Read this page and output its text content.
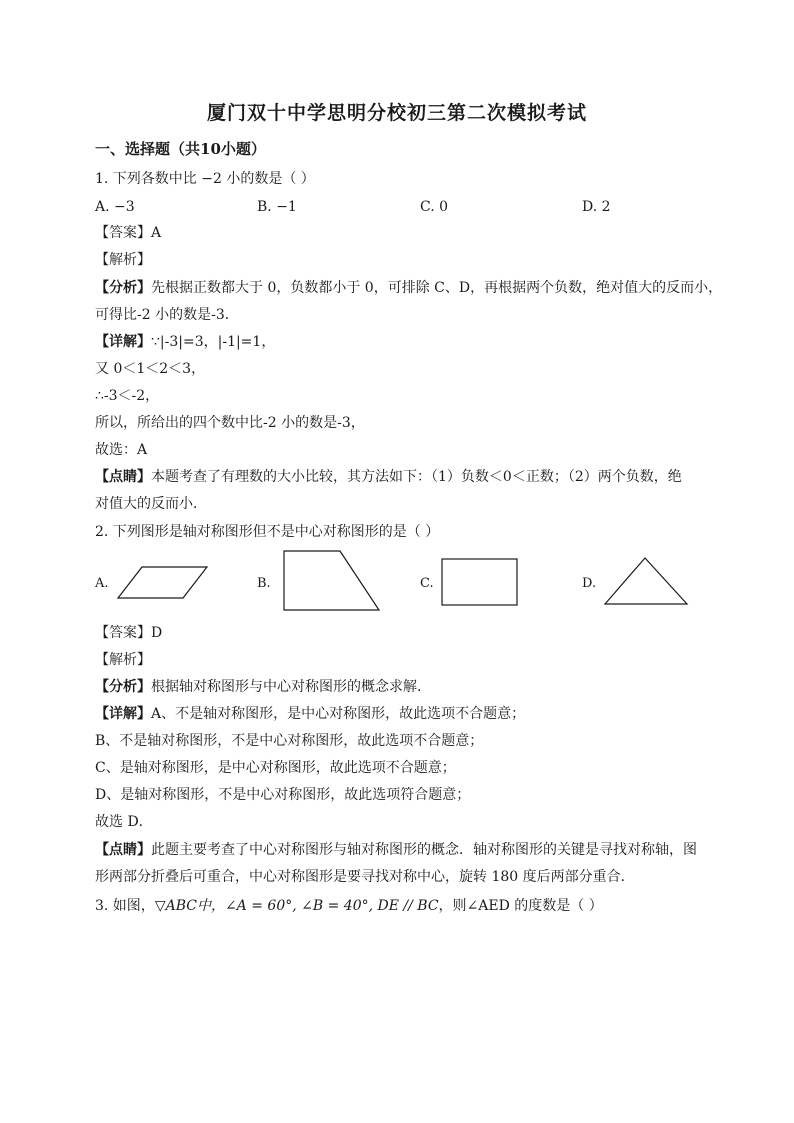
厦门双十中学思明分校初三第二次模拟考试
一、选择题（共10小题）
1. 下列各数中比 −2 小的数是（ ）
A. −3	B. −1	C. 0	D. 2
【答案】A
【解析】
【分析】先根据正数都大于 0，负数都小于 0，可排除 C、D，再根据两个负数，绝对值大的反而小，
可得比-2 小的数是-3．
【详解】∵|-3|=3，|-1|=1，
又 0＜1＜2＜3，
∴-3＜-2，
所以，所给出的四个数中比-2 小的数是-3，
故选：A
【点睛】本题考查了有理数的大小比较，其方法如下：（1）负数＜0＜正数；（2）两个负数，绝
对值大的反而小．
2. 下列图形是轴对称图形但不是中心对称图形的是（ ）
A.	B.	C.	D.
【答案】D
【解析】
【分析】根据轴对称图形与中心对称图形的概念求解．
【详解】A、不是轴对称图形，是中心对称图形，故此选项不合题意；
B、不是轴对称图形，不是中心对称图形，故此选项不合题意；
C、是轴对称图形，是中心对称图形，故此选项不合题意；
D、是轴对称图形，不是中心对称图形，故此选项符合题意；
故选 D．
【点睛】此题主要考查了中心对称图形与轴对称图形的概念．轴对称图形的关键是寻找对称轴，图
形两部分折叠后可重合，中心对称图形是要寻找对称中心，旋转 180 度后两部分重合．
3. 如图，▽ABC中，∠A = 60°, ∠B = 40°, DE // BC，则∠AED 的度数是（ ）
